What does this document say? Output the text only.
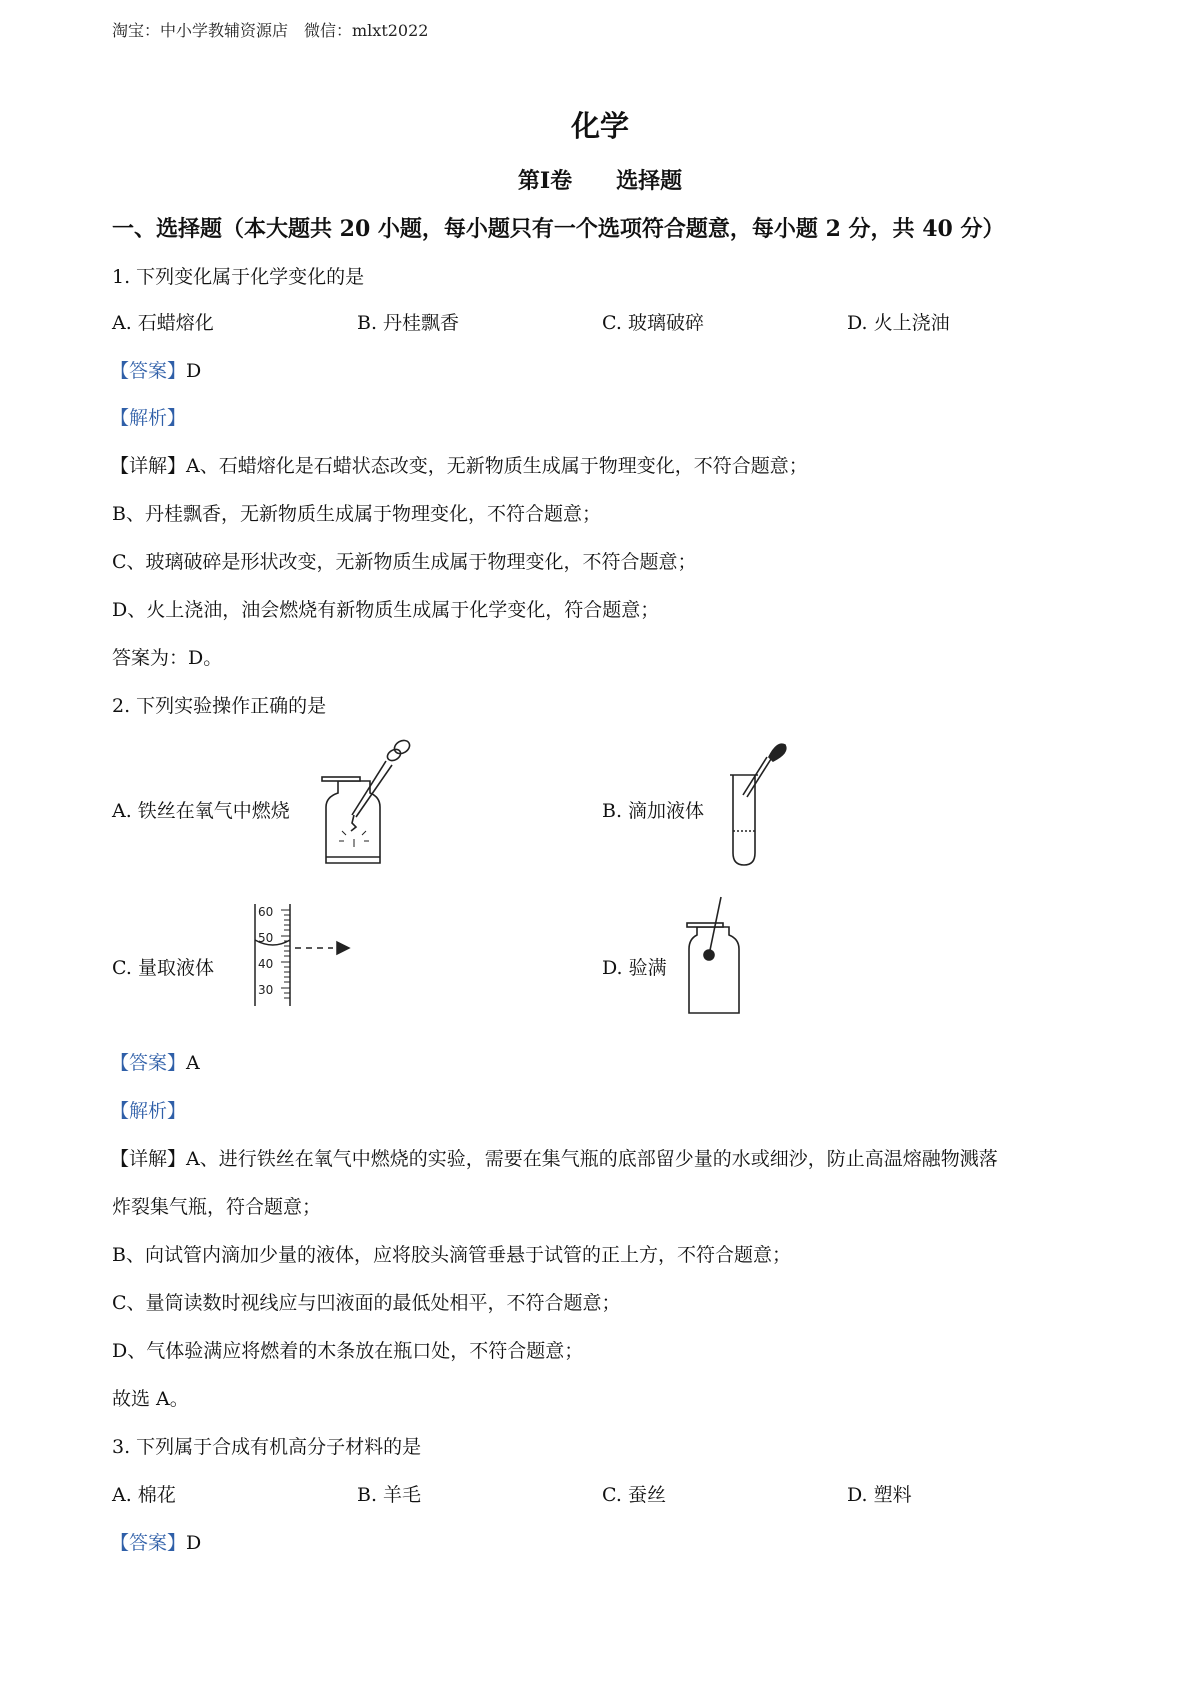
淘宝：中小学教辅资源店　微信：mlxt2022
化学
第Ⅰ卷　　选择题
一、选择题（本大题共 20 小题，每小题只有一个选项符合题意，每小题 2 分，共 40 分）
1. 下列变化属于化学变化的是
A. 石蜡熔化	B. 丹桂飘香	C. 玻璃破碎	D. 火上浇油
【答案】D
【解析】
【详解】A、石蜡熔化是石蜡状态改变，无新物质生成属于物理变化，不符合题意；
B、丹桂飘香，无新物质生成属于物理变化，不符合题意；
C、玻璃破碎是形状改变，无新物质生成属于物理变化，不符合题意；
D、火上浇油，油会燃烧有新物质生成属于化学变化，符合题意；
答案为：D。
2. 下列实验操作正确的是
A. 铁丝在氧气中燃烧	B. 滴加液体
C. 量取液体
60
50
40
30
D. 验满
【答案】A
【解析】
【详解】A、进行铁丝在氧气中燃烧的实验，需要在集气瓶的底部留少量的水或细沙，防止高温熔融物溅落
炸裂集气瓶，符合题意；
B、向试管内滴加少量的液体，应将胶头滴管垂悬于试管的正上方，不符合题意；
C、量筒读数时视线应与凹液面的最低处相平，不符合题意；
D、气体验满应将燃着的木条放在瓶口处，不符合题意；
故选 A。
3. 下列属于合成有机高分子材料的是
A. 棉花	B. 羊毛	C. 蚕丝	D. 塑料
【答案】D
